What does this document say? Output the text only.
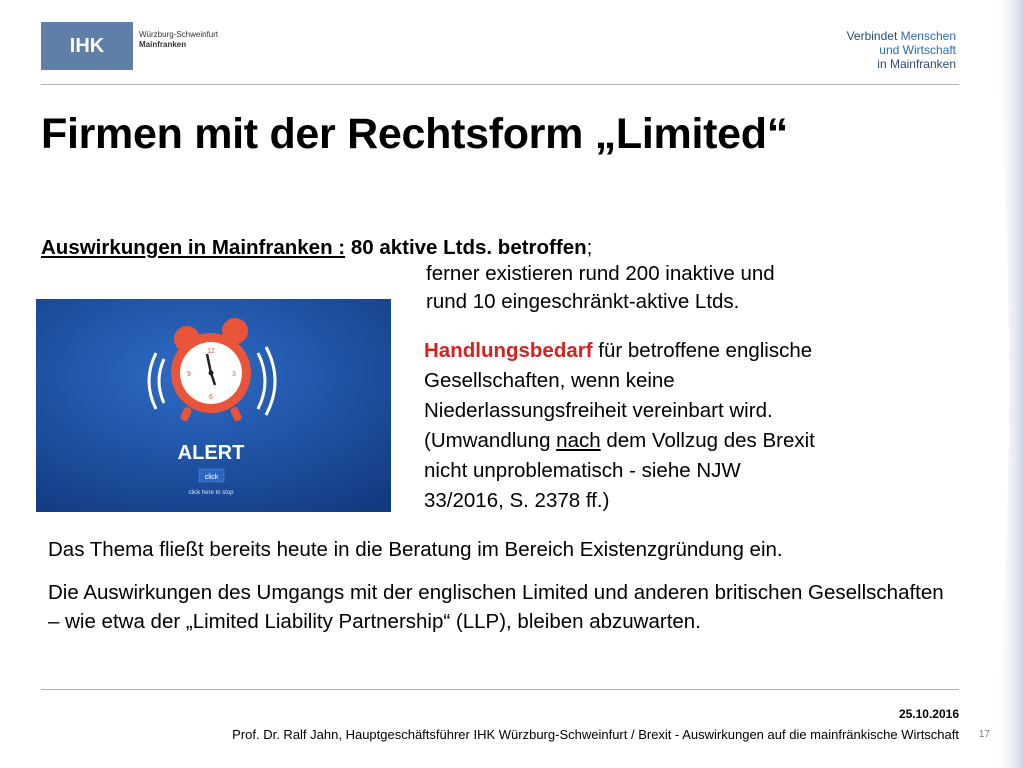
IHK
Würzburg-Schweinfurt
Mainfranken
Verbindet Menschen
und Wirtschaft
in Mainfranken
Firmen mit der Rechtsform „Limited“
Auswirkungen in Mainfranken : 80 aktive Ltds. betroffen;
ferner existieren rund 200 inaktive und
rund 10 eingeschränkt-aktive Ltds.
12
3
6
9
ALERT
click
click here to stop
Handlungsbedarf für betroffene englische
Gesellschaften, wenn keine
Niederlassungsfreiheit vereinbart wird.
(Umwandlung nach dem Vollzug des Brexit
nicht unproblematisch - siehe NJW
33/2016, S. 2378 ff.)
Das Thema fließt bereits heute in die Beratung im Bereich Existenzgründung ein.
Die Auswirkungen des Umgangs mit der englischen Limited und anderen britischen Gesellschaften – wie etwa der „Limited Liability Partnership“ (LLP), bleiben abzuwarten.
25.10.2016
Prof. Dr. Ralf Jahn, Hauptgeschäftsführer IHK Würzburg-Schweinfurt / Brexit - Auswirkungen auf die mainfränkische Wirtschaft 17
